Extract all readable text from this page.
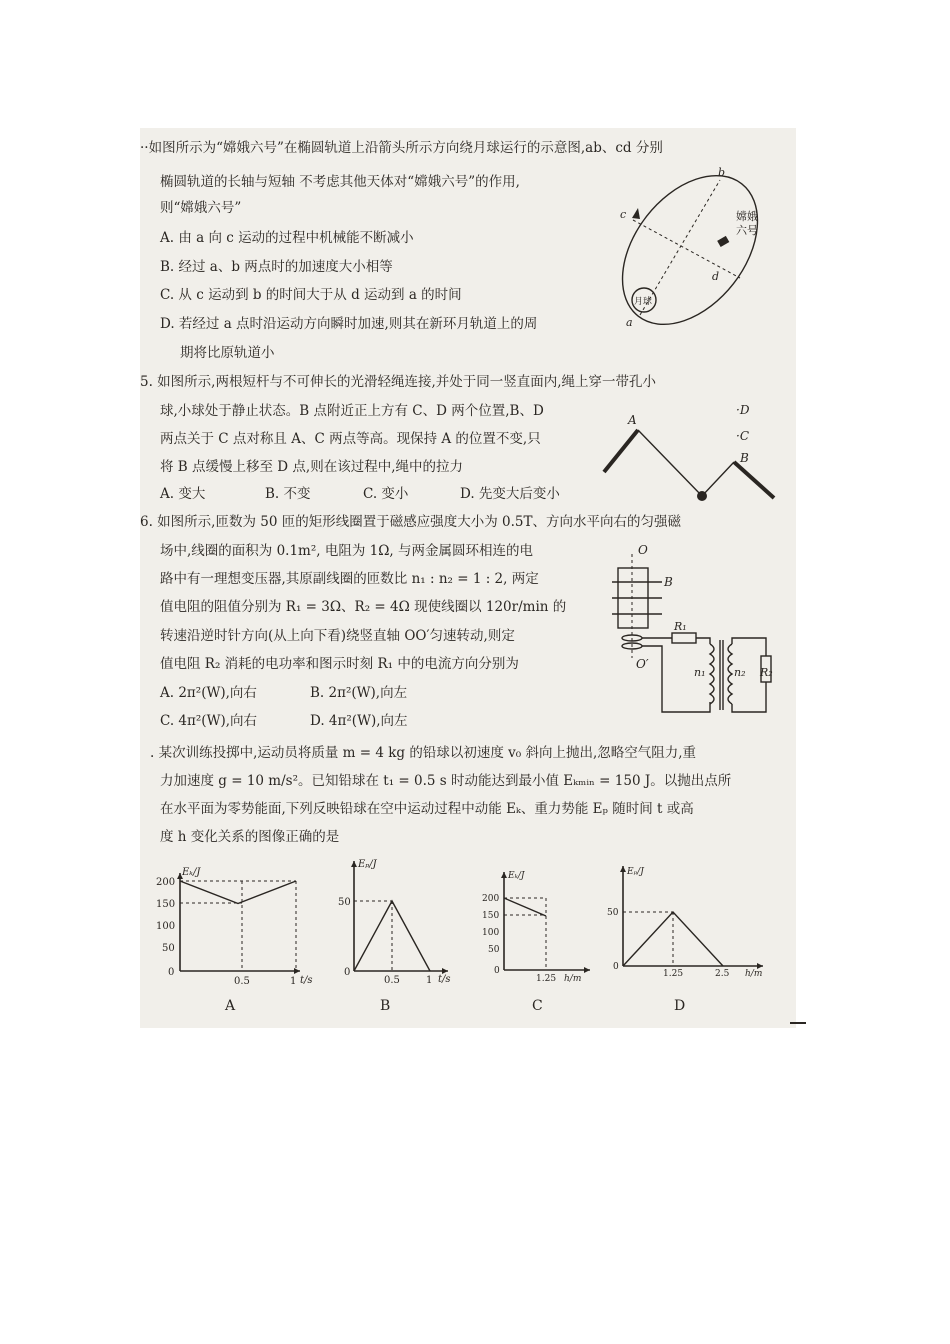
··如图所示为“嫦娥六号”在椭圆轨道上沿箭头所示方向绕月球运行的示意图,ab、cd 分别
椭圆轨道的长轴与短轴 不考虑其他天体对“嫦娥六号”的作用,
则“嫦娥六号”
A. 由 a 向 c 运动的过程中机械能不断减小
B. 经过 a、b 两点时的加速度大小相等
C. 从 c 运动到 b 的时间大于从 d 运动到 a 的时间
D. 若经过 a 点时沿运动方向瞬时加速,则其在新环月轨道上的周
期将比原轨道小
月球
嫦娥
六号
b
c
d
a
5. 如图所示,两根短杆与不可伸长的光滑轻绳连接,并处于同一竖直面内,绳上穿一带孔小
球,小球处于静止状态。B 点附近正上方有 C、D 两个位置,B、D
两点关于 C 点对称且 A、C 两点等高。现保持 A 的位置不变,只
将 B 点缓慢上移至 D 点,则在该过程中,绳中的拉力
A. 变大	B. 不变	C. 变小	D. 先变大后变小
A
B
·C
·D
6. 如图所示,匝数为 50 匝的矩形线圈置于磁感应强度大小为 0.5T、方向水平向右的匀强磁
场中,线圈的面积为 0.1m², 电阻为 1Ω, 与两金属圆环相连的电
路中有一理想变压器,其原副线圈的匝数比 n₁ : n₂ = 1 : 2, 两定
值电阻的阻值分别为 R₁ = 3Ω、R₂ = 4Ω 现使线圈以 120r/min 的
转速沿逆时针方向(从上向下看)绕竖直轴 OO′匀速转动,则定
值电阻 R₂ 消耗的电功率和图示时刻 R₁ 中的电流方向分别为
A. 2π²(W),向右	B. 2π²(W),向左
C. 4π²(W),向右	D. 4π²(W),向左
O
B
O′
R₁
n₁	n₂ R₂
. 某次训练投掷中,运动员将质量 m = 4 kg 的铅球以初速度 v₀ 斜向上抛出,忽略空气阻力,重
力加速度 g = 10 m/s²。已知铅球在 t₁ = 0.5 s 时动能达到最小值 Eₖₘᵢₙ = 150 J。以抛出点所
在水平面为零势能面,下列反映铅球在空中运动过程中动能 Eₖ、重力势能 Eₚ 随时间 t 或高
度 h 变化关系的图像正确的是
Eₖ/J
t/s
200
150
100
50
0
0.5	1
A
Eₚ/J
t/s
50
0
0.5	1
B
Eₖ/J
h/m
200
150
100
50
0
1.25
C
Eₚ/J
h/m
50
0
1.25	2.5
D
